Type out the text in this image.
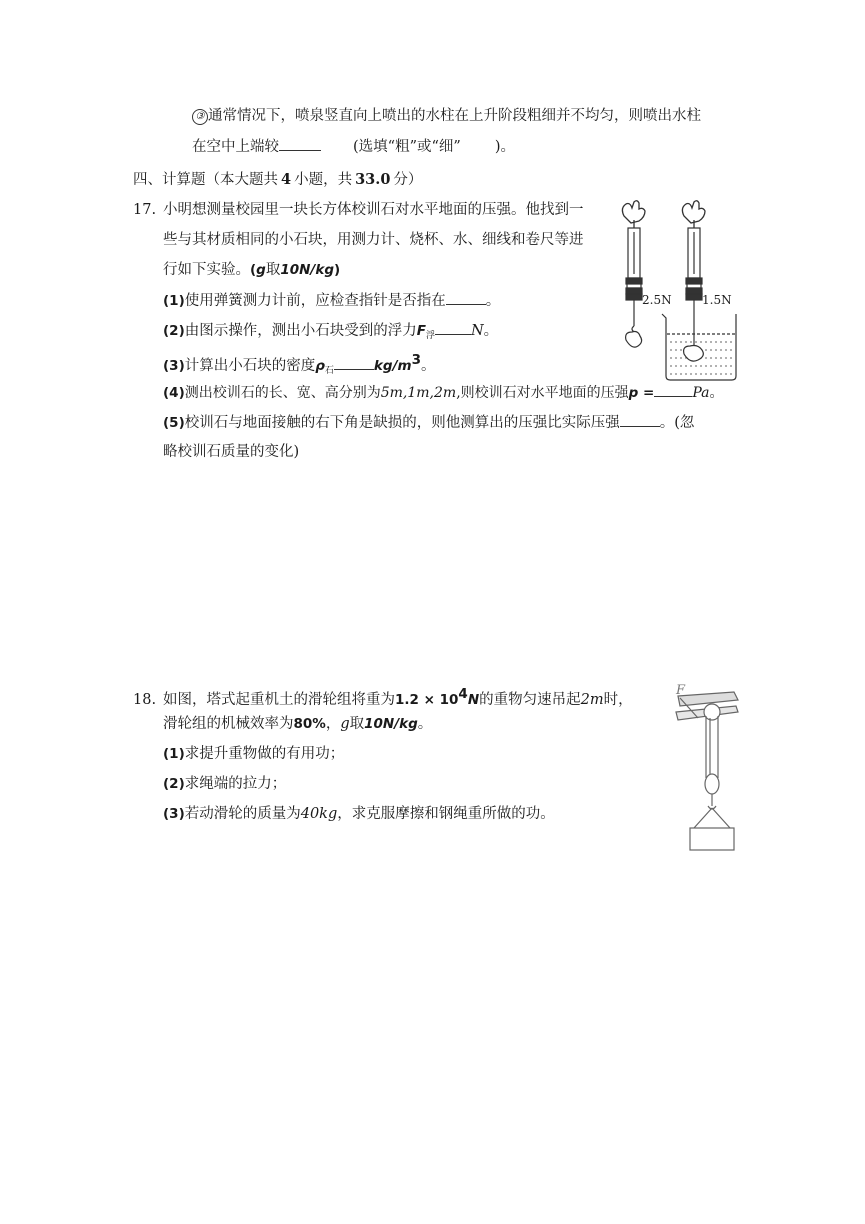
③ 通常情况下，喷泉竖直向上喷出的水柱在上升阶段粗细并不均匀，则喷出水柱
在空中上端较	(选填“粗”或“细” )。
四、计算题（本大题共 4 小题，共 33.0 分）
17. 小明想测量校园里一块长方体校训石对水平地面的压强。他找到一
些与其材质相同的小石块，用测力计、烧杯、水、细线和卷尺等进
行如下实验。(g取10N/kg)
(1)使用弹簧测力计前，应检查指针是否指在	。
(2)由图示操作，测出小石块受到的浮力$F_浮$ N。
(3)计算出小石块的密度$\rho_石$	kg/m3。
(4)测出校训石的长、宽、高分别为5m,1m,2m,则校训石对水平地面的压强p =	Pa。
(5)校训石与地面接触的右下角是缺损的，则他测算出的压强比实际压强	。(忽
略校训石质量的变化)
2.5N	1.5N
18. 如图，塔式起重机土的滑轮组将重为1.2 × 104N的重物匀速吊起2m时，
滑轮组的机械效率为80%，g取10N/kg。
(1)求提升重物做的有用功；
(2)求绳端的拉力；
(3)若动滑轮的质量为40kg，求克服摩擦和钢绳重所做的功。
F
